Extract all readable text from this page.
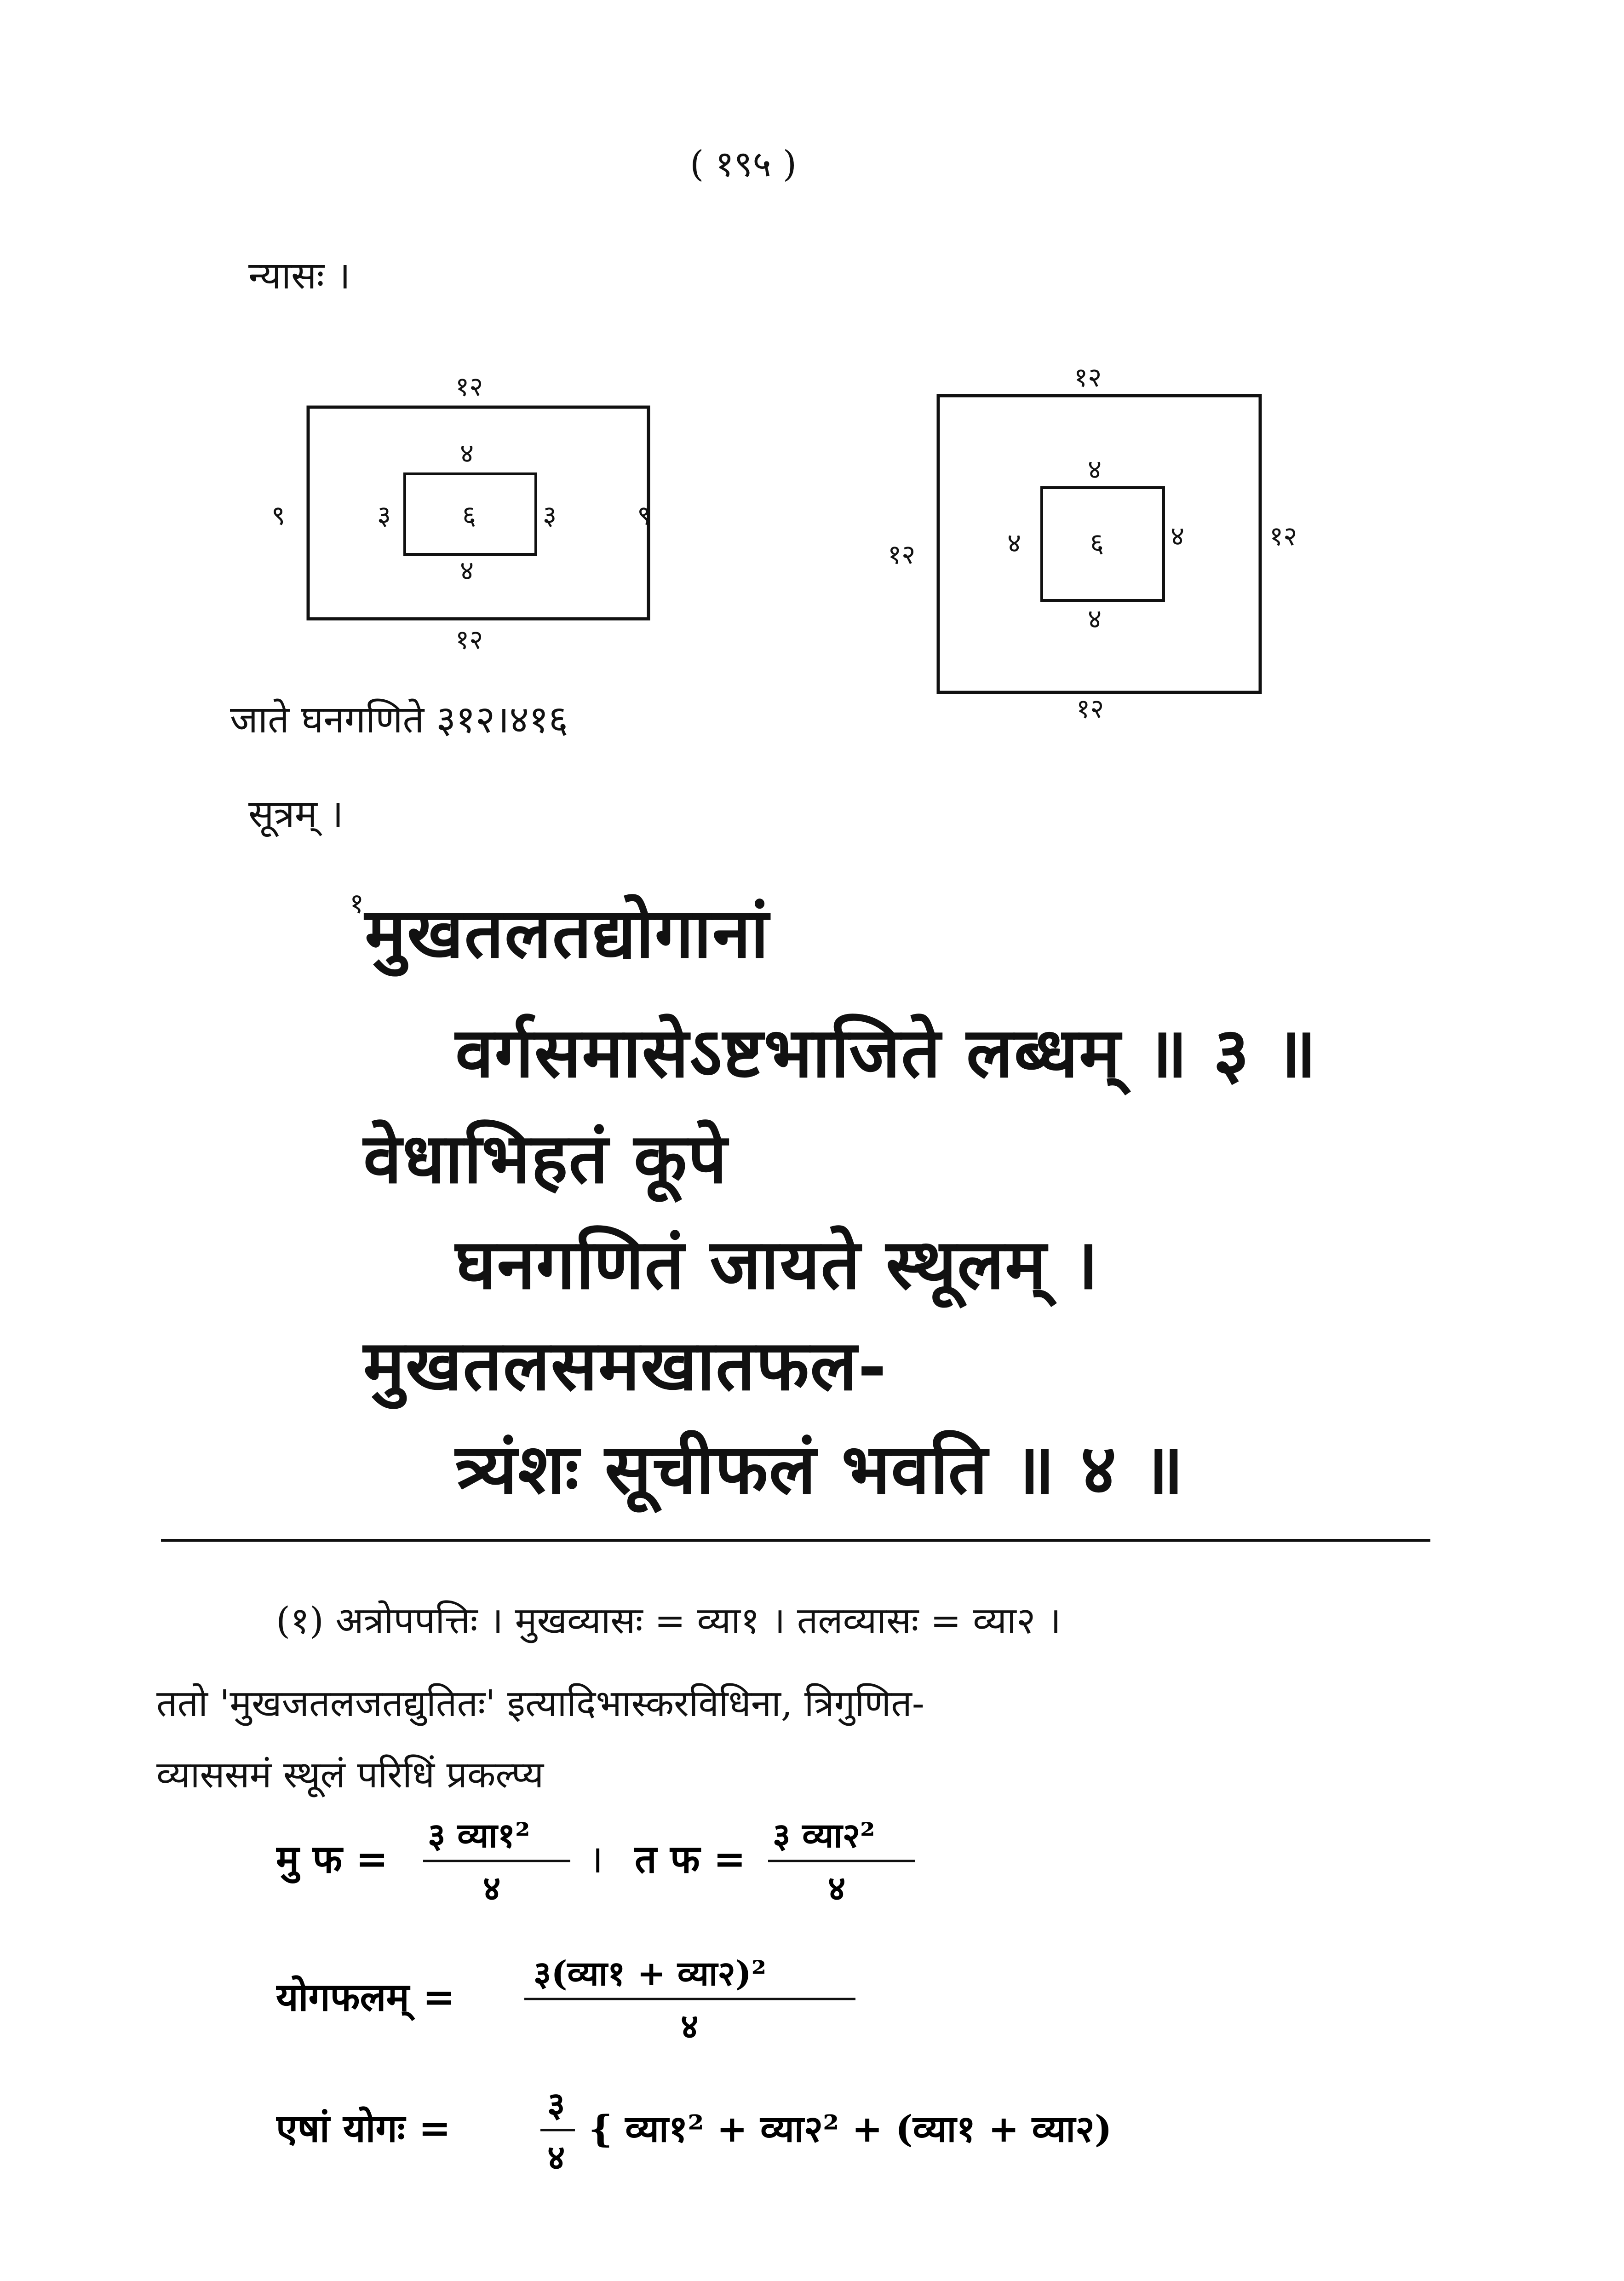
( १९५ )
न्यासः ।
१२
१२
९	९
४
४
३	३
६
१२
१२
१२
१२
४
४
४	४
६
जाते घनगणिते ३१२।४१६
सूत्रम् ।
$^१$मुखतलतद्योगानां
वर्गसमासेऽष्टभाजिते लब्धम् ॥ ३ ॥
वेधाभिहतं कूपे
घनगणितं जायते स्थूलम् ।
मुखतलसमखातफल-
त्र्यंशः सूचीफलं भवति ॥ ४ ॥
(१) अत्रोपपत्तिः । मुखव्यासः = व्या१ । तलव्यासः = व्या२ ।
ततो 'मुखजतलजतद्युतितः' इत्यादिभास्करविधिना, त्रिगुणित-
व्याससमं स्थूलं परिधिं प्रकल्प्य
मु फ =
३ व्या१²
४
। त फ =
३ व्या२²
४
योगफलम् =
३(व्या१ + व्या२)²
४
एषां योगः =
३
४
{ व्या१² + व्या२² + (व्या१ + व्या२)
